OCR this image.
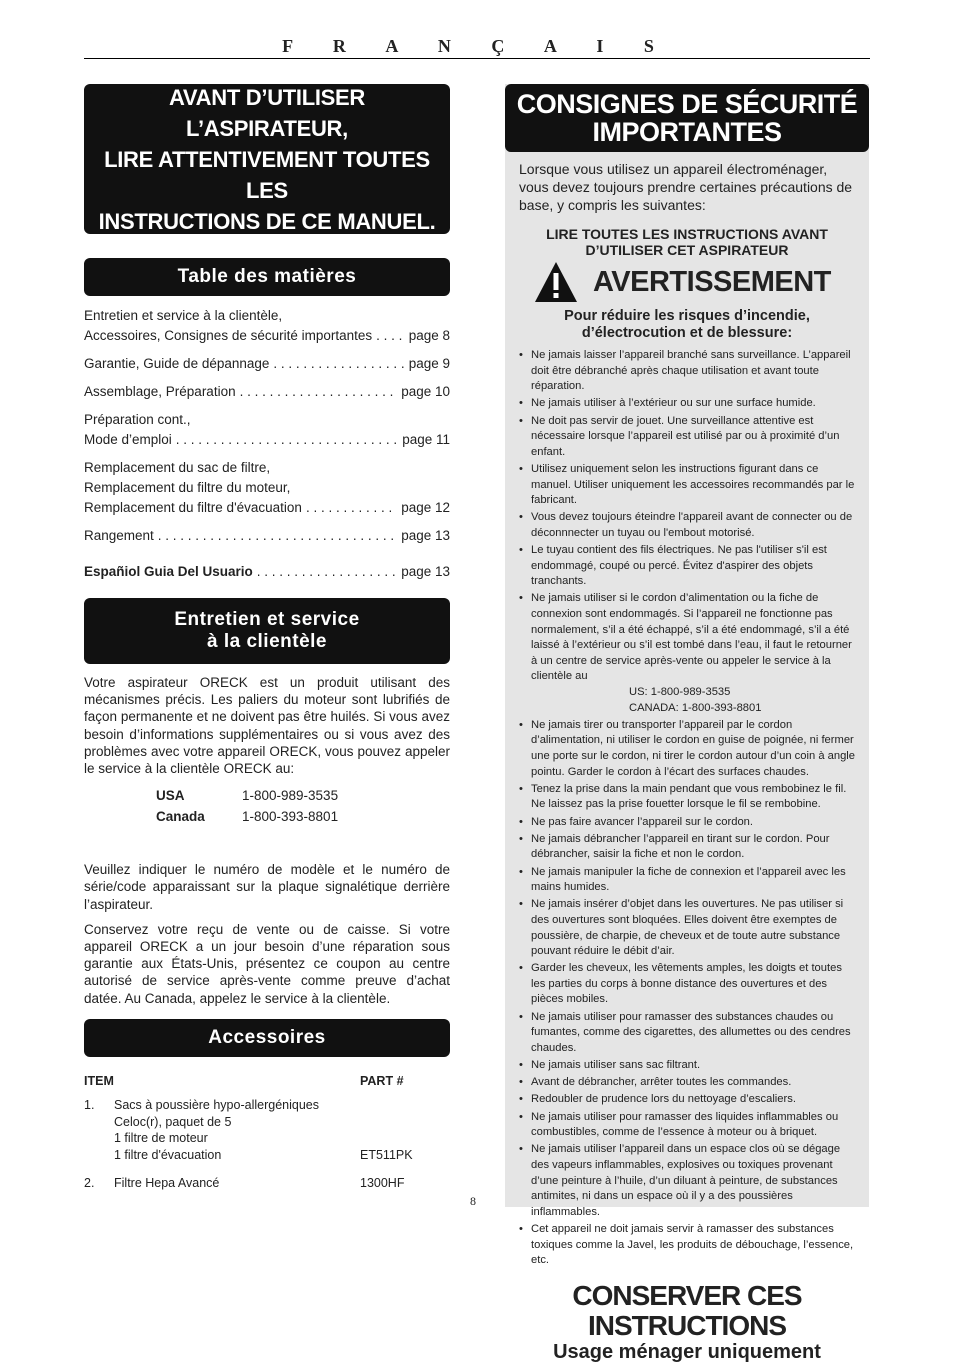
F R A N Ç A I S
AVANT D’UTILISER L’ASPIRATEUR,
LIRE ATTENTIVEMENT TOUTES LES
INSTRUCTIONS DE CE MANUEL.
Table des matières
Entretien et service à la clientèle,
Accessoires, Consignes de sécurité importantes . . .	page 8
Garantie, Guide de dépannage . . .	page 9
Assemblage, Préparation . . .	page 10
Préparation cont.,
Mode d’emploi . . .	page 11
Remplacement du sac de filtre,
Remplacement du filtre du moteur,
Remplacement du filtre d'évacuation . . .	page 12
Rangement . . .	page 13
Españiol Guia Del Usuario . . .	page 13
Entretien et service
à la clientèle

Votre aspirateur ORECK est un produit utilisant des mécanismes précis. Les paliers du moteur sont lubrifiés de façon permanente et ne doivent pas être huilés. Si vous avez besoin d’informations supplémentaires ou si vous avez des problèmes avec votre appareil ORECK, vous pouvez appeler le service à la clientèle ORECK au:

USA	1-800-989-3535
Canada	1-800-393-8801

Veuillez indiquer le numéro de modèle et le numéro de série/code apparaissant sur la plaque signalétique derrière l’aspirateur.

Conservez votre reçu de vente ou de caisse. Si votre appareil ORECK a un jour besoin d’une réparation sous garantie aux États-Unis, présentez ce coupon au centre autorisé de service après-vente comme preuve d’achat datée. Au Canada, appelez le service à la clientèle.

Accessoires
ITEM	PART #
1.	Sacs à poussière hypo-allergéniques
Celoc(r), paquet de 5
1 filtre de moteur
1 filtre d'évacuation	ET511PK
2.	Filtre Hepa Avancé	1300HF
CONSIGNES DE SÉCURITÉ
IMPORTANTES
Lorsque vous utilisez un appareil électroménager, vous devez toujours prendre certaines précautions de base, y compris les suivantes:
LIRE TOUTES LES INSTRUCTIONS AVANT
D’UTILISER CET ASPIRATEUR
AVERTISSEMENT
Pour réduire les risques d’incendie,
d’électrocution et de blessure:
• Ne jamais laisser l’appareil branché sans surveillance. L’appareil doit être débranché après chaque utilisation et avant toute réparation.
• Ne jamais utiliser à l’extérieur ou sur une surface humide.
• Ne doit pas servir de jouet. Une surveillance attentive est nécessaire lorsque l’appareil est utilisé par ou à proximité d’un enfant.
• Utilisez uniquement selon les instructions figurant dans ce manuel. Utiliser uniquement les accessoires recommandés par le fabricant.
• Vous devez toujours éteindre l'appareil avant de connecter ou de déconnnecter un tuyau ou l'embout motorisé.
• Le tuyau contient des fils électriques. Ne pas l'utiliser s'il est endommagé, coupé ou percé. Évitez d'aspirer des objets tranchants.
• Ne jamais utiliser si le cordon d’alimentation ou la fiche de connexion sont endommagés. Si l’appareil ne fonctionne pas normalement, s’il a été échappé, s’il a été endommagé, s’il a été laissé à l’extérieur ou s’il est tombé dans l’eau, il faut le retourner à un centre de service après-vente ou appeler le service à la clientèle au
US: 1-800-989-3535
CANADA: 1-800-393-8801
• Ne jamais tirer ou transporter l’appareil par le cordon d’alimentation, ni utiliser le cordon en guise de poignée, ni fermer une porte sur le cordon, ni tirer le cordon autour d’un coin à angle pointu. Garder le cordon à l’écart des surfaces chaudes.
• Tenez la prise dans la main pendant que vous rembobinez le fil. Ne laissez pas la prise fouetter lorsque le fil se rembobine.
• Ne pas faire avancer l’appareil sur le cordon.
• Ne jamais débrancher l’appareil en tirant sur le cordon. Pour débrancher, saisir la fiche et non le cordon.
• Ne jamais manipuler la fiche de connexion et l’appareil avec les mains humides.
• Ne jamais insérer d’objet dans les ouvertures. Ne pas utiliser si des ouvertures sont bloquées. Elles doivent être exemptes de poussière, de charpie, de cheveux et de toute autre substance pouvant réduire le débit d’air.
• Garder les cheveux, les vêtements amples, les doigts et toutes les parties du corps à bonne distance des ouvertures et des pièces mobiles.
• Ne jamais utiliser pour ramasser des substances chaudes ou fumantes, comme des cigarettes, des allumettes ou des cendres chaudes.
• Ne jamais utiliser sans sac filtrant.
• Avant de débrancher, arrêter toutes les commandes.
• Redoubler de prudence lors du nettoyage d’escaliers.
• Ne jamais utiliser pour ramasser des liquides inflammables ou combustibles, comme de l’essence à moteur ou à briquet.
• Ne jamais utiliser l’appareil dans un espace clos où se dégage des vapeurs inflammables, explosives ou toxiques provenant d’une peinture à l’huile, d’un diluant à peinture, de substances antimites, ni dans un espace où il y a des poussières inflammables.
• Cet appareil ne doit jamais servir à ramasser des substances toxiques comme la Javel, les produits de débouchage, l’essence, etc.
CONSERVER CES INSTRUCTIONS
Usage ménager uniquement
8
